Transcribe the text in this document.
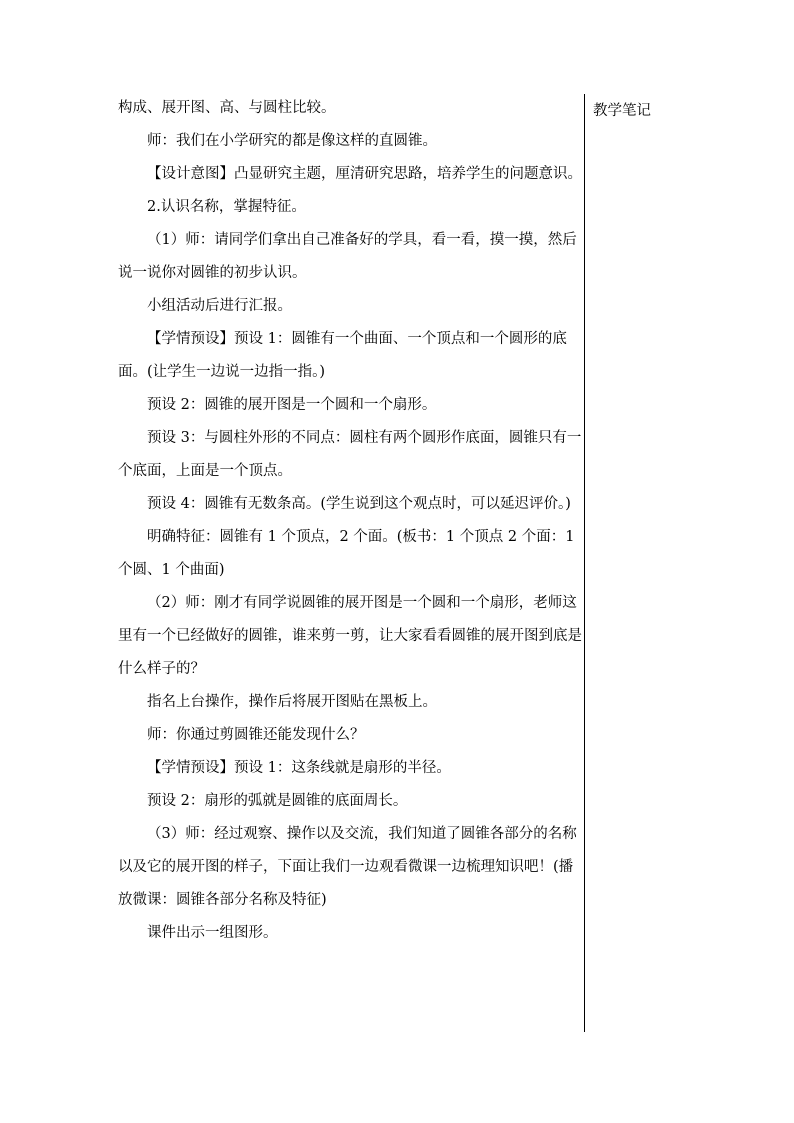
构成、展开图、高、与圆柱比较。

师：我们在小学研究的都是像这样的直圆锥。

【设计意图】凸显研究主题，厘清研究思路，培养学生的问题意识。

2.认识名称，掌握特征。

（1）师：请同学们拿出自己准备好的学具，看一看，摸一摸，然后说一说你对圆锥的初步认识。

小组活动后进行汇报。

【学情预设】预设 1：圆锥有一个曲面、一个顶点和一个圆形的底面。(让学生一边说一边指一指。)

预设 2：圆锥的展开图是一个圆和一个扇形。

预设 3：与圆柱外形的不同点：圆柱有两个圆形作底面，圆锥只有一个底面，上面是一个顶点。

预设 4：圆锥有无数条高。(学生说到这个观点时，可以延迟评价。)

明确特征：圆锥有 1 个顶点，2 个面。(板书：1 个顶点 2 个面：1 个圆、1 个曲面)

（2）师：刚才有同学说圆锥的展开图是一个圆和一个扇形，老师这里有一个已经做好的圆锥，谁来剪一剪，让大家看看圆锥的展开图到底是什么样子的？

指名上台操作，操作后将展开图贴在黑板上。

师：你通过剪圆锥还能发现什么？

【学情预设】预设 1：这条线就是扇形的半径。

预设 2：扇形的弧就是圆锥的底面周长。

（3）师：经过观察、操作以及交流，我们知道了圆锥各部分的名称以及它的展开图的样子，下面让我们一边观看微课一边梳理知识吧！(播放微课：圆锥各部分名称及特征)

课件出示一组图形。

教学笔记
